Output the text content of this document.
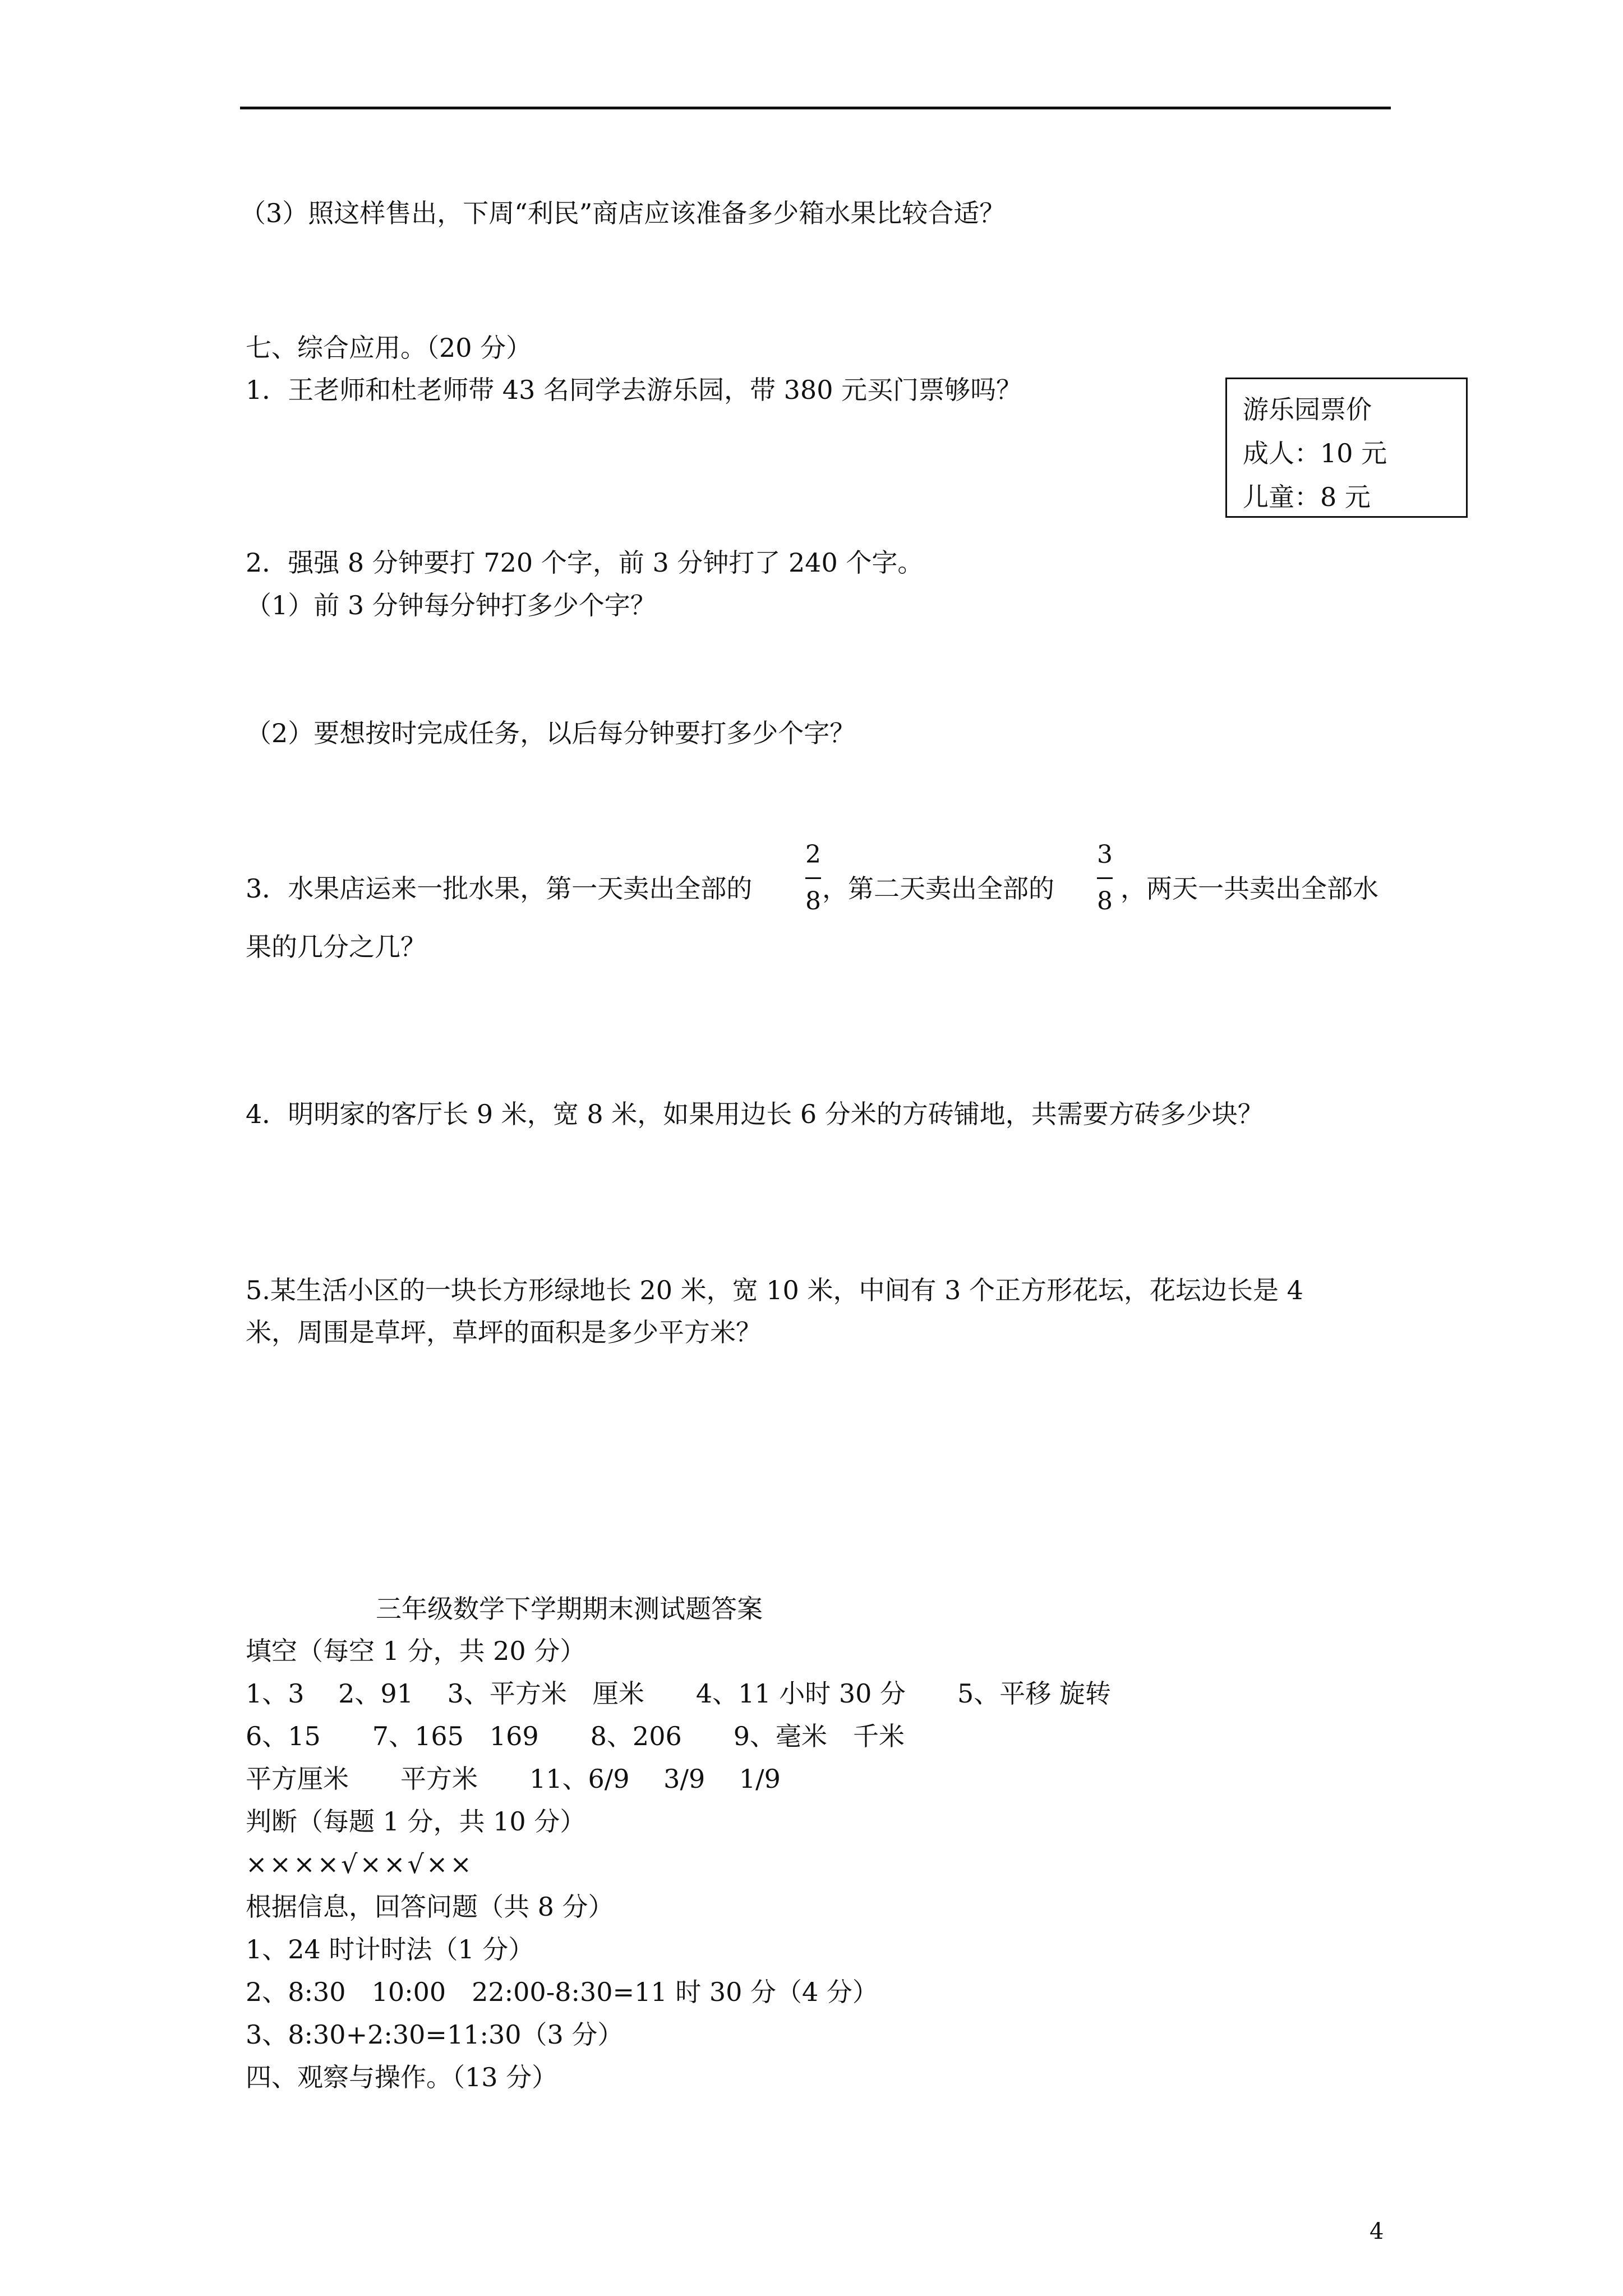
（3）照这样售出，下周“利民”商店应该准备多少箱水果比较合适？
七、综合应用。（20 分）
1．王老师和杜老师带 43 名同学去游乐园，带 380 元买门票够吗？
游乐园票价
成人：10 元
儿童：8 元
2．强强 8 分钟要打 720 个字，前 3 分钟打了 240 个字。
（1）前 3 分钟每分钟打多少个字？
（2）要想按时完成任务，以后每分钟要打多少个字？
3．水果店运来一批水果，第一天卖出全部的
2
8 ，第二天卖出全部的
3
8 ，两天一共卖出全部水
果的几分之几？
4．明明家的客厅长 9 米，宽 8 米，如果用边长 6 分米的方砖铺地，共需要方砖多少块？
5.某生活小区的一块长方形绿地长 20 米，宽 10 米，中间有 3 个正方形花坛，花坛边长是 4
米，周围是草坪，草坪的面积是多少平方米？
三年级数学下学期期末测试题答案
填空（每空 1 分，共 20 分）
1、3　 2、91　 3、平方米　厘米　　4、11 小时 30 分　　5、平移 旋转
6、15　　7、165　169　　8、206　　9、毫米　千米
平方厘米　　平方米　　11、6/9　 3/9　 1/9
判断（每题 1 分，共 10 分）
××××√××√××
根据信息，回答问题（共 8 分）
1、24 时计时法（1 分）
2、8:30　10:00　22:00-8:30=11 时 30 分（4 分）
3、8:30+2:30=11:30（3 分）
四、观察与操作。（13 分）
4
